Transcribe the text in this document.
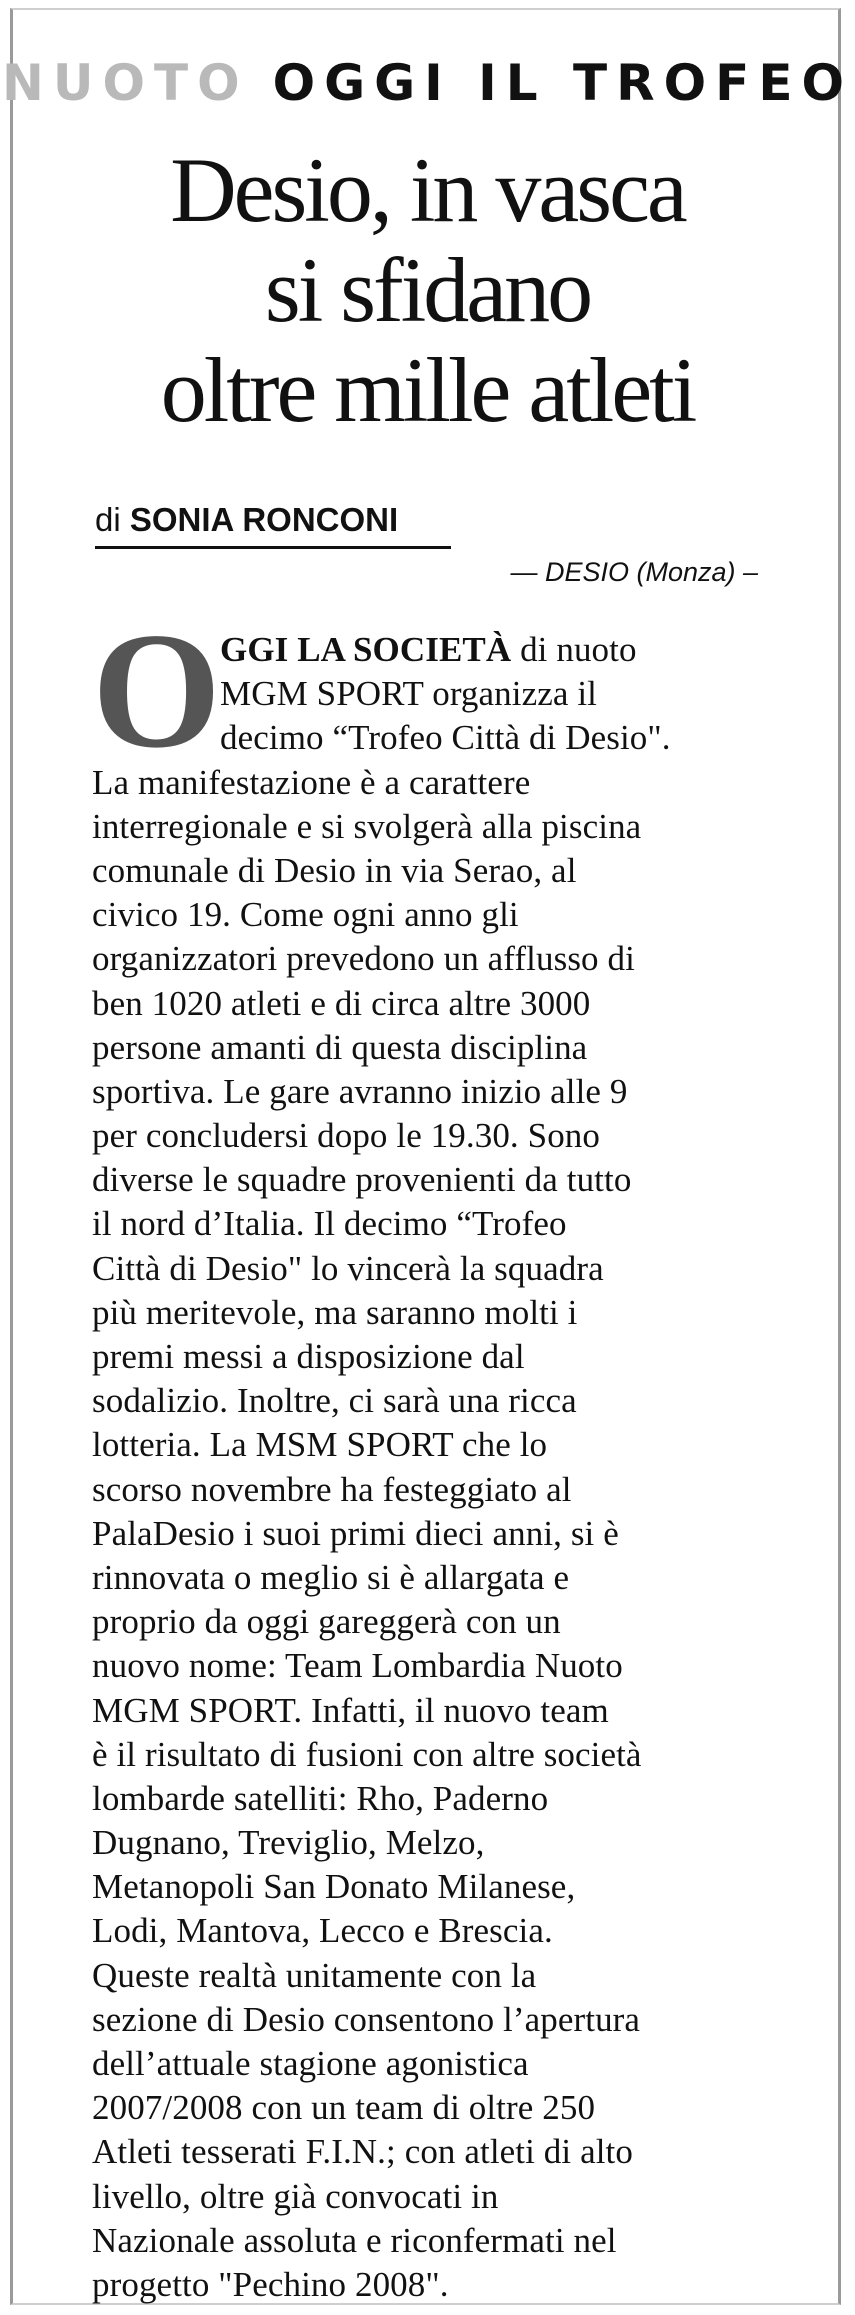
NUOTO OGGI IL TROFEO
Desio, in vasca
si sfidano
oltre mille atleti
di SONIA RONCONI
— DESIO (Monza) –
O
GGI LA SOCIETÀ di nuoto
MGM SPORT organizza il
decimo “Trofeo Città di Desio".
La manifestazione è a carattere
interregionale e si svolgerà alla piscina
comunale di Desio in via Serao, al
civico 19. Come ogni anno gli
organizzatori prevedono un afflusso di
ben 1020 atleti e di circa altre 3000
persone amanti di questa disciplina
sportiva. Le gare avranno inizio alle 9
per concludersi dopo le 19.30. Sono
diverse le squadre provenienti da tutto
il nord d’Italia. Il decimo “Trofeo
Città di Desio" lo vincerà la squadra
più meritevole, ma saranno molti i
premi messi a disposizione dal
sodalizio. Inoltre, ci sarà una ricca
lotteria. La MSM SPORT che lo
scorso novembre ha festeggiato al
PalaDesio i suoi primi dieci anni, si è
rinnovata o meglio si è allargata e
proprio da oggi gareggerà con un
nuovo nome: Team Lombardia Nuoto
MGM SPORT. Infatti, il nuovo team
è il risultato di fusioni con altre società
lombarde satelliti: Rho, Paderno
Dugnano, Treviglio, Melzo,
Metanopoli San Donato Milanese,
Lodi, Mantova, Lecco e Brescia.
Queste realtà unitamente con la
sezione di Desio consentono l’apertura
dell’attuale stagione agonistica
2007/2008 con un team di oltre 250
Atleti tesserati F.I.N.; con atleti di alto
livello, oltre già convocati in
Nazionale assoluta e riconfermati nel
progetto "Pechino 2008".
